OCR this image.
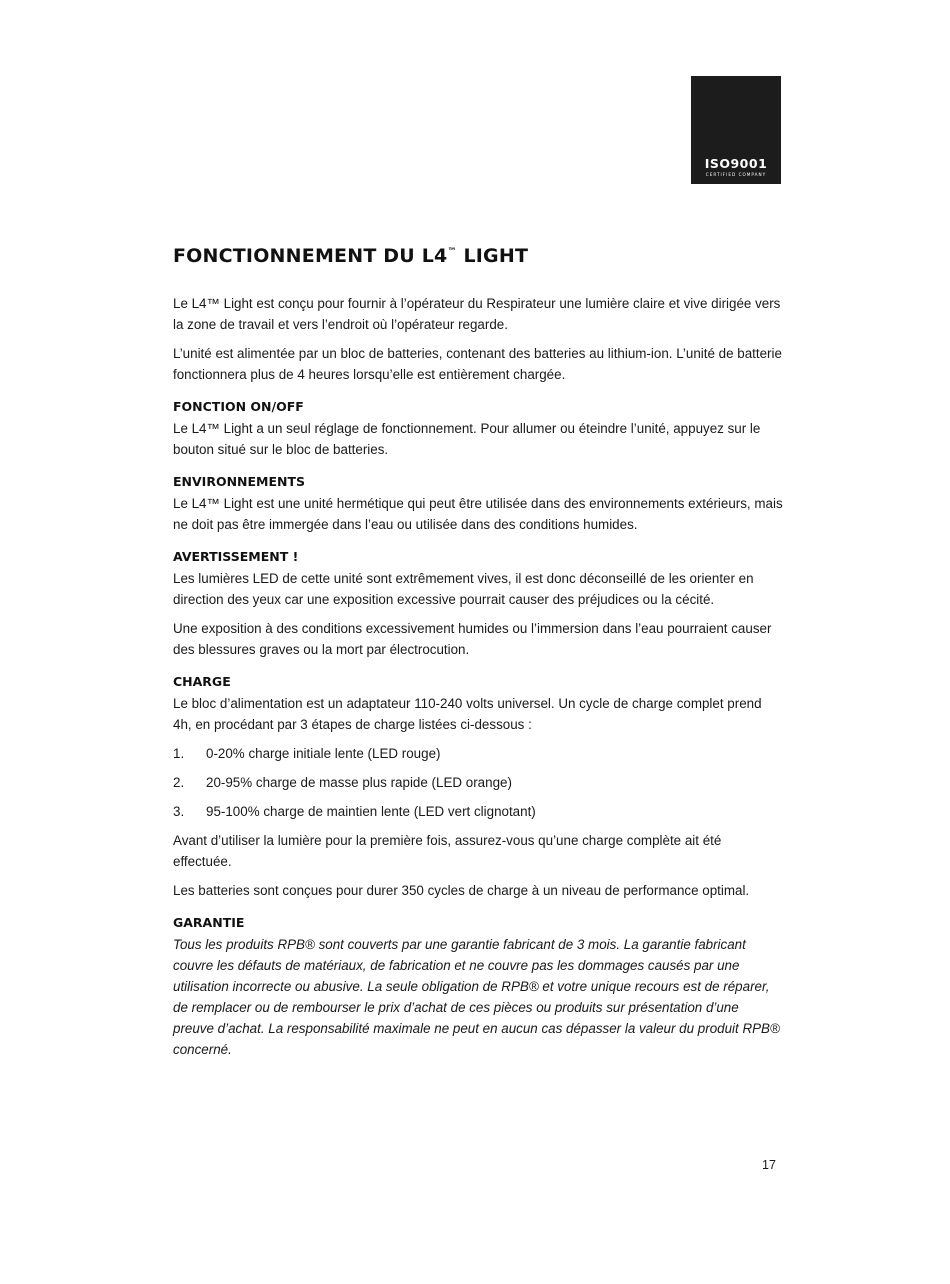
ISO9001
CERTIFIED COMPANY
FONCTIONNEMENT DU L4™ LIGHT

Le L4™ Light est conçu pour fournir à l’opérateur du Respirateur une lumière claire et vive dirigée vers la zone de travail et vers l’endroit où l’opérateur regarde.

L’unité est alimentée par un bloc de batteries, contenant des batteries au lithium-ion. L’unité de batterie fonctionnera plus de 4 heures lorsqu’elle est entièrement chargée.

FONCTION ON/OFF

Le L4™ Light a un seul réglage de fonctionnement. Pour allumer ou éteindre l’unité, appuyez sur le bouton situé sur le bloc de batteries.

ENVIRONNEMENTS

Le L4™ Light est une unité hermétique qui peut être utilisée dans des environnements extérieurs, mais ne doit pas être immergée dans l’eau ou utilisée dans des conditions humides.

AVERTISSEMENT !

Les lumières LED de cette unité sont extrêmement vives, il est donc déconseillé de les orienter en direction des yeux car une exposition excessive pourrait causer des préjudices ou la cécité.

Une exposition à des conditions excessivement humides ou l’immersion dans l’eau pourraient causer des blessures graves ou la mort par électrocution.

CHARGE

Le bloc d’alimentation est un adaptateur 110-240 volts universel. Un cycle de charge complet prend 4h, en procédant par 3 étapes de charge listées ci-dessous :

1.	0-20% charge initiale lente (LED rouge)
2.	20-95% charge de masse plus rapide (LED orange)
3.	95-100% charge de maintien lente (LED vert clignotant)

Avant d’utiliser la lumière pour la première fois, assurez-vous qu’une charge complète ait été effectuée.

Les batteries sont conçues pour durer 350 cycles de charge à un niveau de performance optimal.

GARANTIE

Tous les produits RPB® sont couverts par une garantie fabricant de 3 mois. La garantie fabricant couvre les défauts de matériaux, de fabrication et ne couvre pas les dommages causés par une utilisation incorrecte ou abusive. La seule obligation de RPB® et votre unique recours est de réparer, de remplacer ou de rembourser le prix d’achat de ces pièces ou produits sur présentation d’une preuve d’achat. La responsabilité maximale ne peut en aucun cas dépasser la valeur du produit RPB® concerné.

17
